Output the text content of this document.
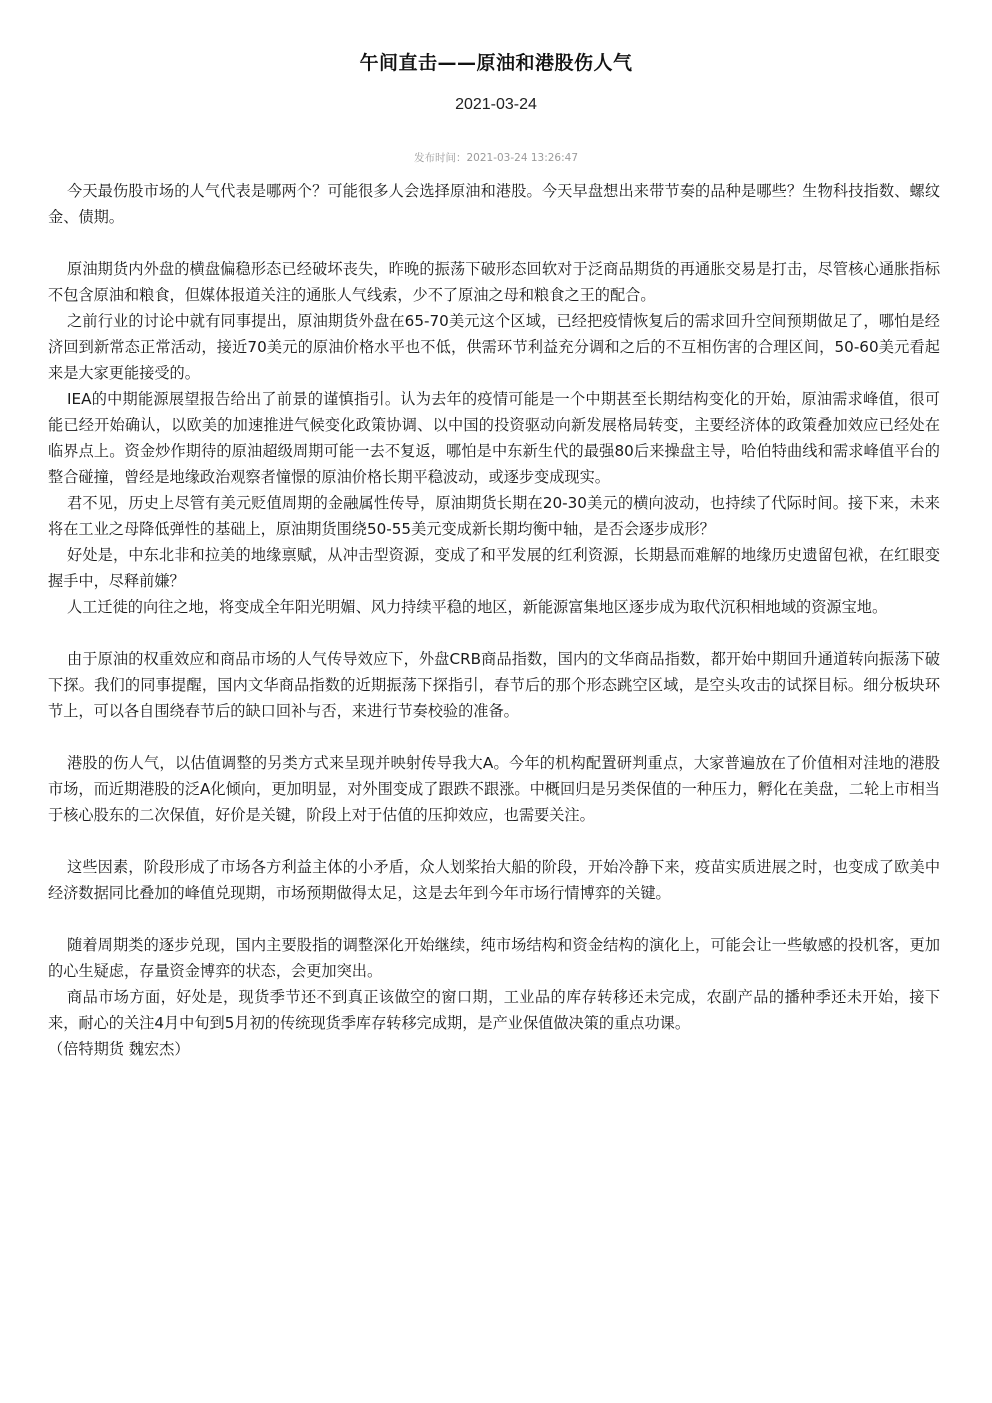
午间直击——原油和港股伤人气
2021-03-24
发布时间：2021-03-24 13:26:47

今天最伤股市场的人气代表是哪两个？可能很多人会选择原油和港股。今天早盘想出来带节奏的品种是哪些？生物科技指数、螺纹金、债期。

原油期货内外盘的横盘偏稳形态已经破坏丧失，昨晚的振荡下破形态回软对于泛商品期货的再通胀交易是打击，尽管核心通胀指标不包含原油和粮食，但媒体报道关注的通胀人气线索，少不了原油之母和粮食之王的配合。

之前行业的讨论中就有同事提出，原油期货外盘在65-70美元这个区域，已经把疫情恢复后的需求回升空间预期做足了，哪怕是经济回到新常态正常活动，接近70美元的原油价格水平也不低，供需环节利益充分调和之后的不互相伤害的合理区间，50-60美元看起来是大家更能接受的。

IEA的中期能源展望报告给出了前景的谨慎指引。认为去年的疫情可能是一个中期甚至长期结构变化的开始，原油需求峰值，很可能已经开始确认，以欧美的加速推进气候变化政策协调、以中国的投资驱动向新发展格局转变，主要经济体的政策叠加效应已经处在临界点上。资金炒作期待的原油超级周期可能一去不复返，哪怕是中东新生代的最强80后来操盘主导，哈伯特曲线和需求峰值平台的整合碰撞，曾经是地缘政治观察者憧憬的原油价格长期平稳波动，或逐步变成现实。

君不见，历史上尽管有美元贬值周期的金融属性传导，原油期货长期在20-30美元的横向波动，也持续了代际时间。接下来，未来将在工业之母降低弹性的基础上，原油期货围绕50-55美元变成新长期均衡中轴，是否会逐步成形？

好处是，中东北非和拉美的地缘禀赋，从冲击型资源，变成了和平发展的红利资源，长期悬而难解的地缘历史遗留包袱，在红眼变握手中，尽释前嫌？

人工迁徙的向往之地，将变成全年阳光明媚、风力持续平稳的地区，新能源富集地区逐步成为取代沉积相地域的资源宝地。

由于原油的权重效应和商品市场的人气传导效应下，外盘CRB商品指数，国内的文华商品指数，都开始中期回升通道转向振荡下破下探。我们的同事提醒，国内文华商品指数的近期振荡下探指引，春节后的那个形态跳空区域，是空头攻击的试探目标。细分板块环节上，可以各自围绕春节后的缺口回补与否，来进行节奏校验的准备。

港股的伤人气，以估值调整的另类方式来呈现并映射传导我大A。今年的机构配置研判重点，大家普遍放在了价值相对洼地的港股市场，而近期港股的泛A化倾向，更加明显，对外围变成了跟跌不跟涨。中概回归是另类保值的一种压力，孵化在美盘，二轮上市相当于核心股东的二次保值，好价是关键，阶段上对于估值的压抑效应，也需要关注。

这些因素，阶段形成了市场各方利益主体的小矛盾，众人划桨抬大船的阶段，开始冷静下来，疫苗实质进展之时，也变成了欧美中经济数据同比叠加的峰值兑现期，市场预期做得太足，这是去年到今年市场行情博弈的关键。

随着周期类的逐步兑现，国内主要股指的调整深化开始继续，纯市场结构和资金结构的演化上，可能会让一些敏感的投机客，更加的心生疑虑，存量资金博弈的状态，会更加突出。

商品市场方面，好处是，现货季节还不到真正该做空的窗口期，工业品的库存转移还未完成，农副产品的播种季还未开始，接下来，耐心的关注4月中旬到5月初的传统现货季库存转移完成期，是产业保值做决策的重点功课。

（倍特期货 魏宏杰）
